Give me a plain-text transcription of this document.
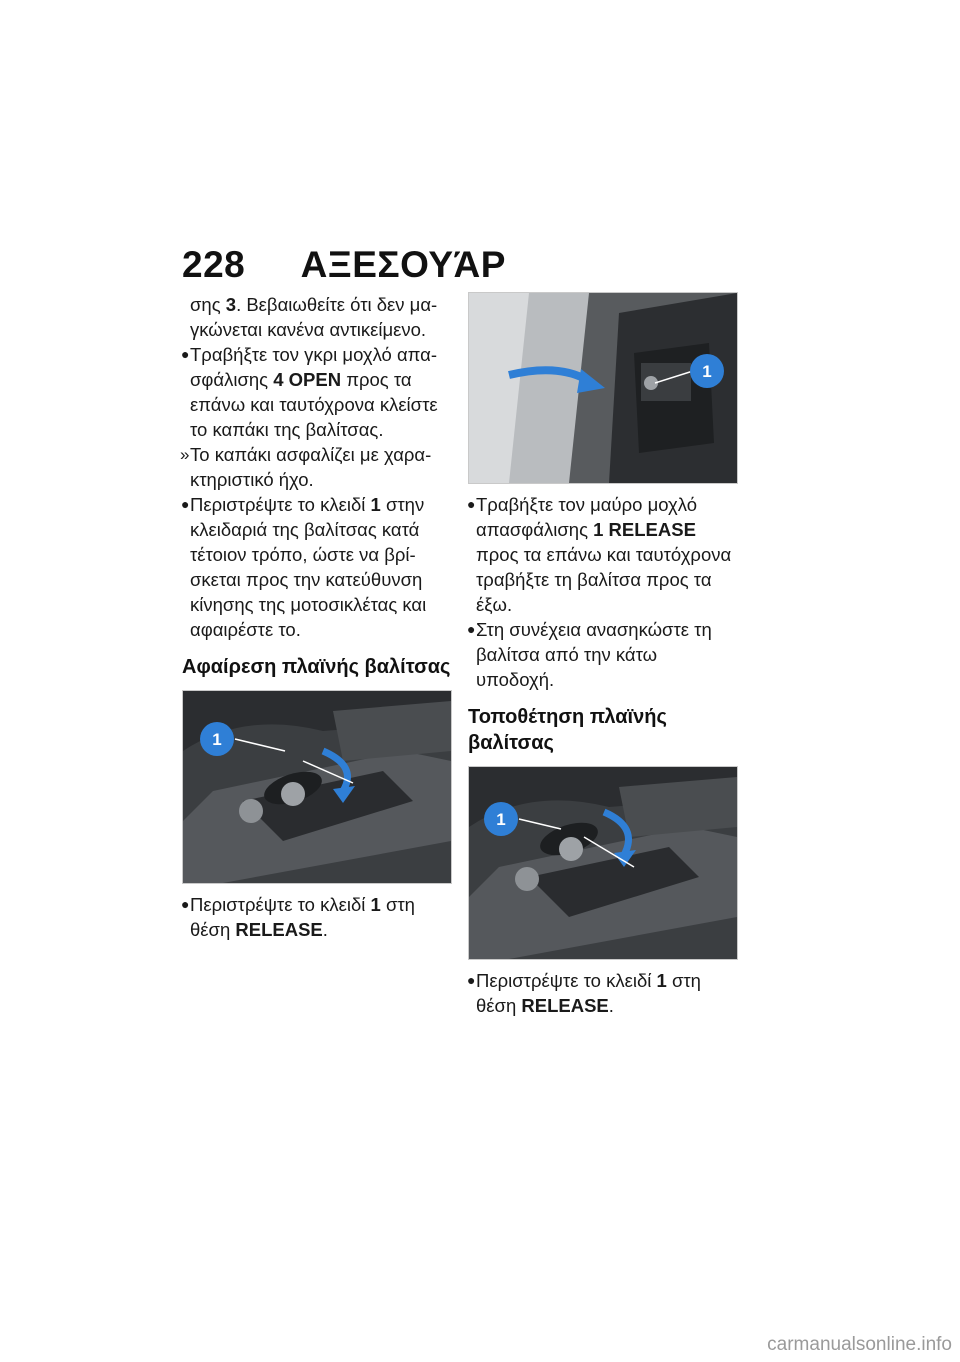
228 ΑΞΕΣΟΥΆΡ

σης 3. Βεβαιωθείτε ότι δεν μαγκώνεται κανένα αντικείμενο.

● Τραβήξτε τον γκρι μοχλό απασφάλισης 4 OPEN προς τα επάνω και ταυτόχρονα κλείστε το καπάκι της βαλίτσας.
» Το καπάκι ασφαλίζει με χαρακτηριστικό ήχο.
● Περιστρέψτε το κλειδί 1 στην κλειδαριά της βαλίτσας κατά τέτοιον τρόπο, ώστε να βρίσκεται προς την κατεύθυνση κίνησης της μοτοσικλέτας και αφαιρέστε το.
Αφαίρεση πλαϊνής βαλίτσας
1
● Περιστρέψτε το κλειδί 1 στη θέση RELEASE.
1
● Τραβήξτε τον μαύρο μοχλό απασφάλισης 1 RELEASE προς τα επάνω και ταυτόχρονα τραβήξτε τη βαλίτσα προς τα έξω.
● Στη συνέχεια ανασηκώστε τη βαλίτσα από την κάτω υποδοχή.
Τοποθέτηση πλαϊνής βαλίτσας
1
● Περιστρέψτε το κλειδί 1 στη θέση RELEASE.
carmanualsonline.info
